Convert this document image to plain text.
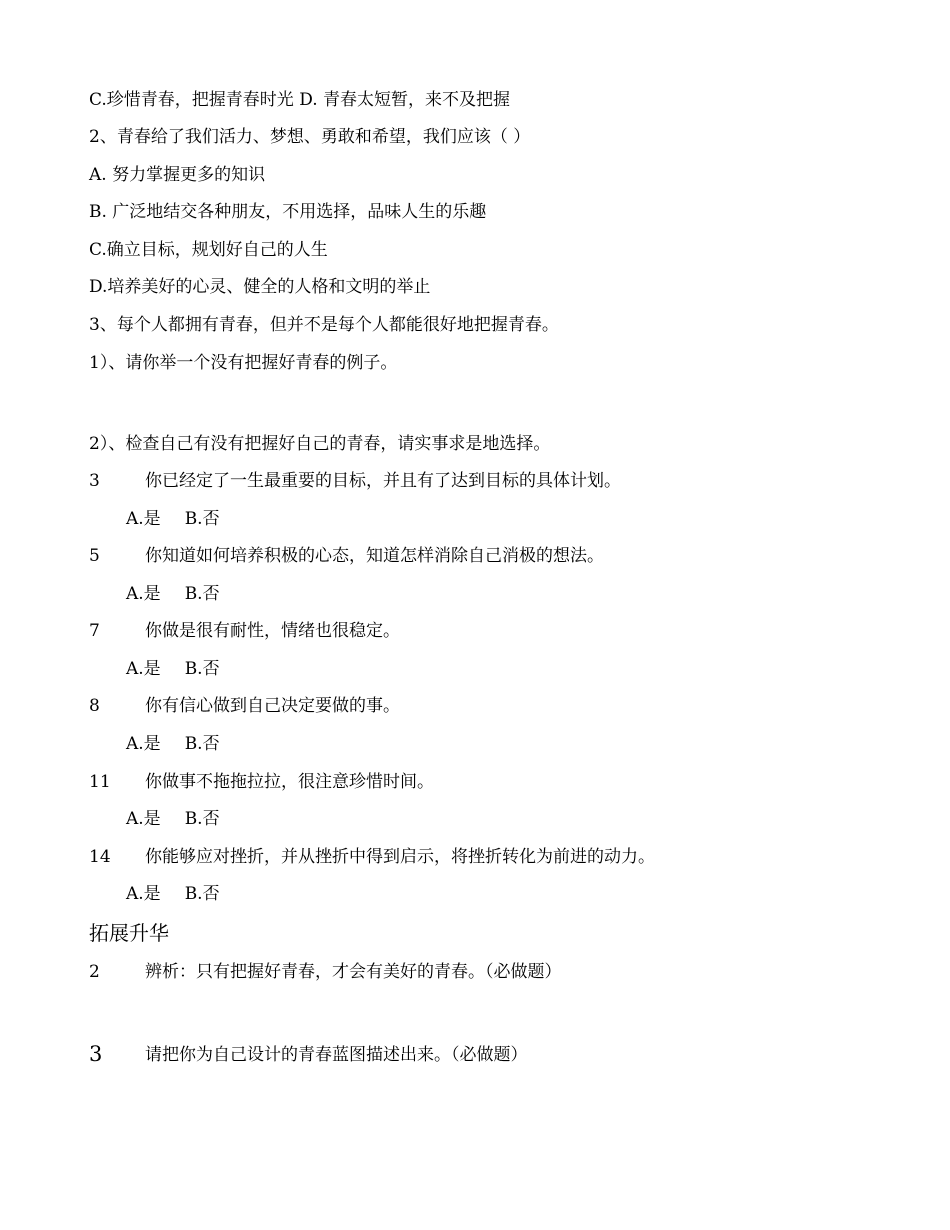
C.珍惜青春，把握青春时光 D. 青春太短暂，来不及把握
2、青春给了我们活力、梦想、勇敢和希望，我们应该（ ）
A. 努力掌握更多的知识
B. 广泛地结交各种朋友，不用选择，品味人生的乐趣
C.确立目标，规划好自己的人生
D.培养美好的心灵、健全的人格和文明的举止
3、每个人都拥有青春，但并不是每个人都能很好地把握青春。
1）、请你举一个没有把握好青春的例子。
2）、检查自己有没有把握好自己的青春，请实事求是地选择。
3	你已经定了一生最重要的目标，并且有了达到目标的具体计划。
A.是 B.否
5	你知道如何培养积极的心态，知道怎样消除自己消极的想法。
A.是 B.否
7	你做是很有耐性，情绪也很稳定。
A.是 B.否
8	你有信心做到自己决定要做的事。
A.是 B.否
11 你做事不拖拖拉拉，很注意珍惜时间。
A.是 B.否
14 你能够应对挫折，并从挫折中得到启示，将挫折转化为前进的动力。
A.是 B.否
拓展升华
2	辨析：只有把握好青春，才会有美好的青春。（必做题）
3	请把你为自己设计的青春蓝图描述出来。（必做题）
